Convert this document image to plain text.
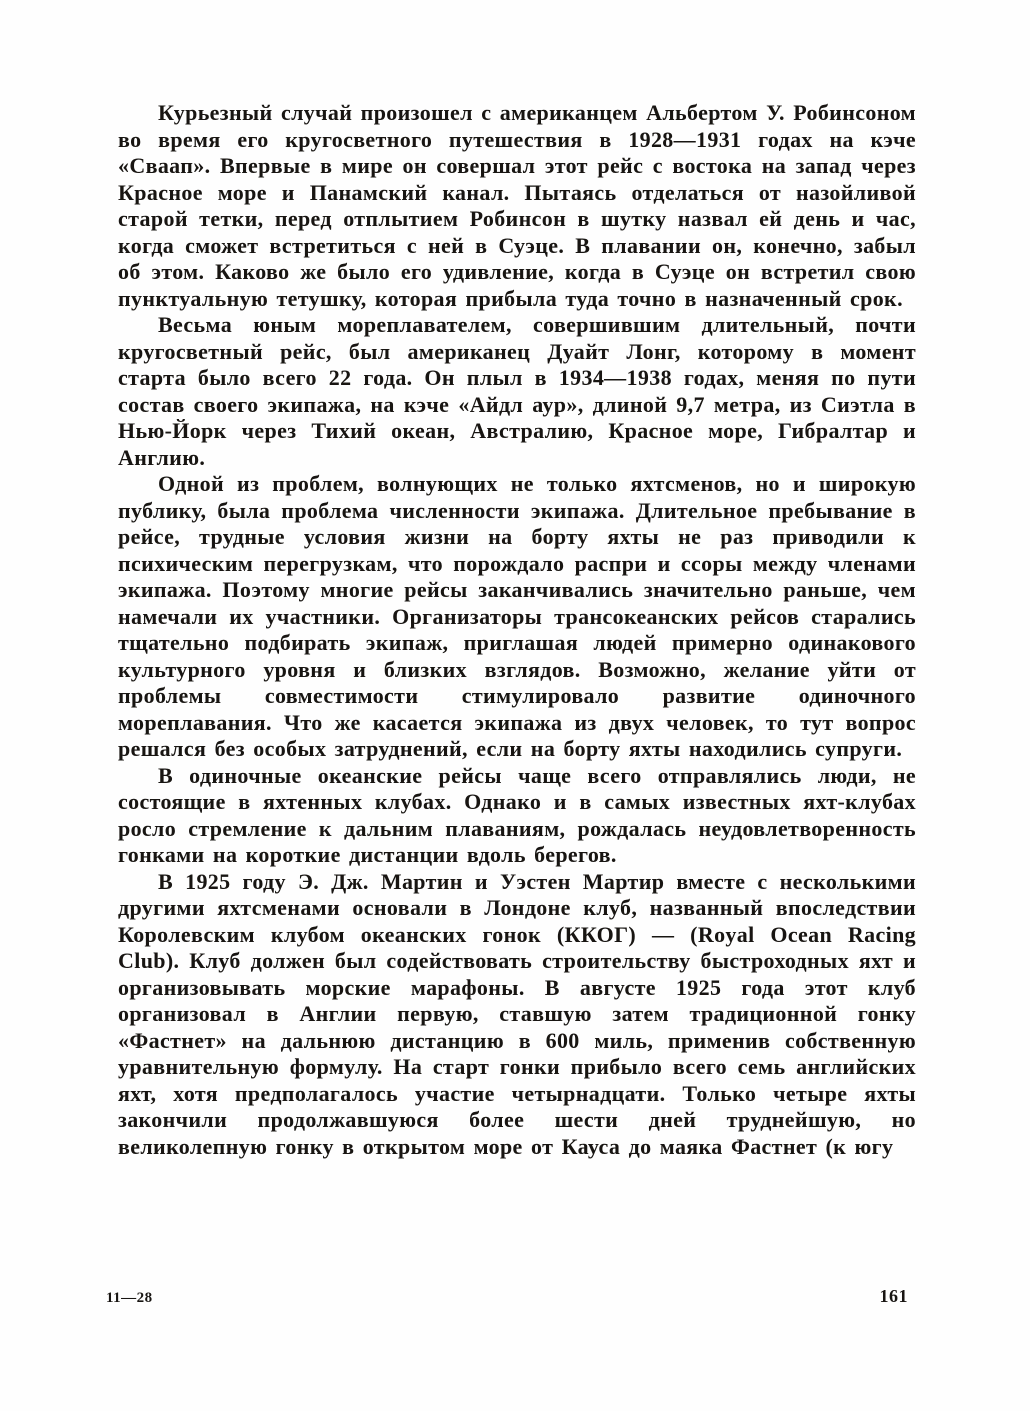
Курьезный случай произошел с американцем Альбертом У. Робинсоном во время его кругосветного путешествия в 1928—1931 годах на кэче «Сваап». Впервые в мире он совершал этот рейс с востока на запад через Красное море и Панамский канал. Пытаясь отделаться от назойливой старой тетки, перед отплытием Робинсон в шутку назвал ей день и час, когда сможет встретиться с ней в Суэце. В плавании он, конечно, забыл об этом. Каково же было его удивление, когда в Суэце он встретил свою пунктуальную тетушку, которая прибыла туда точно в назначенный срок.

Весьма юным мореплавателем, совершившим длительный, почти кругосветный рейс, был американец Дуайт Лонг, которому в момент старта было всего 22 года. Он плыл в 1934—1938 годах, меняя по пути состав своего экипажа, на кэче «Айдл аур», длиной 9,7 метра, из Сиэтла в Нью-Йорк через Тихий океан, Австралию, Красное море, Гибралтар и Англию.

Одной из проблем, волнующих не только яхтсменов, но и широкую публику, была проблема численности экипажа. Длительное пребывание в рейсе, трудные условия жизни на борту яхты не раз приводили к психическим перегрузкам, что порождало распри и ссоры между членами экипажа. Поэтому многие рейсы заканчивались значительно раньше, чем намечали их участники. Организаторы трансокеанских рейсов старались тщательно подбирать экипаж, приглашая людей примерно одинакового культурного уровня и близких взглядов. Возможно, желание уйти от проблемы совместимости стимулировало развитие одиночного мореплавания. Что же касается экипажа из двух человек, то тут вопрос решался без особых затруднений, если на борту яхты находились супруги.

В одиночные океанские рейсы чаще всего отправлялись люди, не состоящие в яхтенных клубах. Однако и в самых известных яхт-клубах росло стремление к дальним плаваниям, рождалась неудовлетворенность гонками на короткие дистанции вдоль берегов.

В 1925 году Э. Дж. Мартин и Уэстен Мартир вместе с несколькими другими яхтсменами основали в Лондоне клуб, названный впоследствии Королевским клубом океанских гонок (ККОГ) — (Royal Ocean Racing Club). Клуб должен был содействовать строительству быстроходных яхт и организовывать морские марафоны. В августе 1925 года этот клуб организовал в Англии первую, ставшую затем традиционной гонку «Фастнет» на дальнюю дистанцию в 600 миль, применив собственную уравнительную формулу. На старт гонки прибыло всего семь английских яхт, хотя предполагалось участие четырнадцати. Только четыре яхты закончили продолжавшуюся более шести дней труднейшую, но великолепную гонку в открытом море от Кауса до маяка Фастнет (к югу

11—28	161
